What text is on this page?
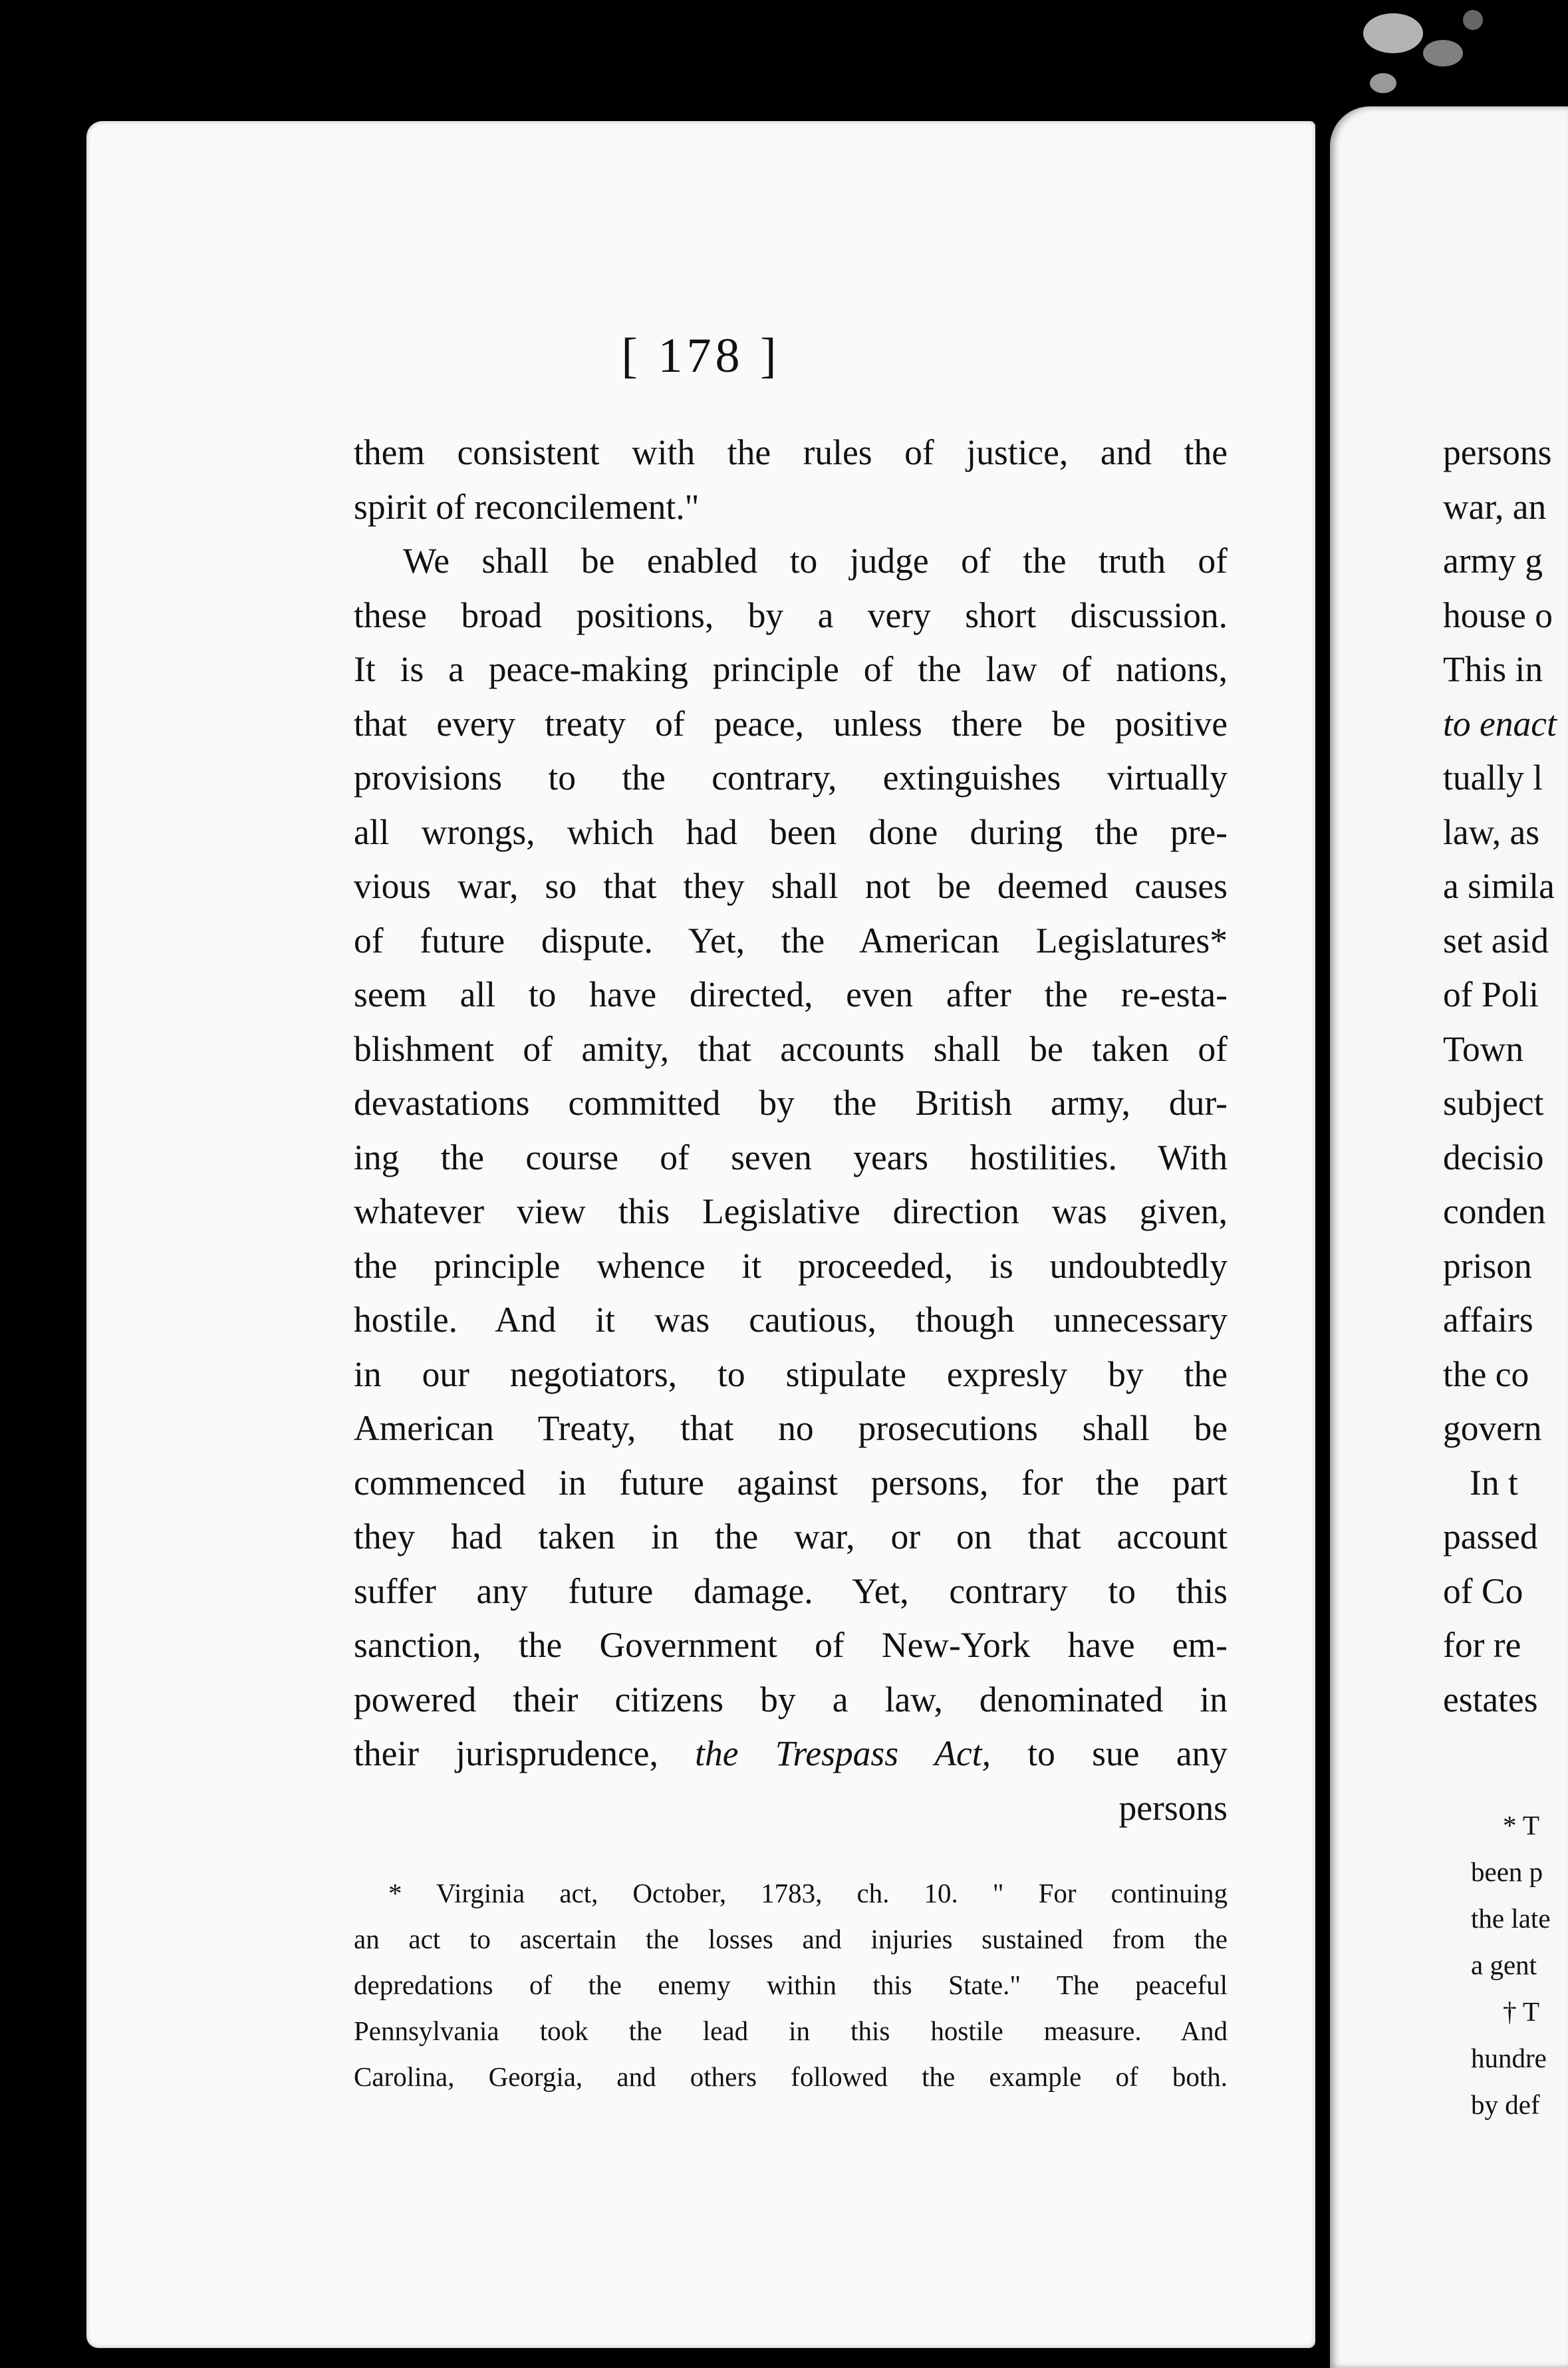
[ 178 ]
them consistent with the rules of justice, and the
spirit of reconcilement."
We shall be enabled to judge of the truth of
these broad positions, by a very short discussion.
It is a peace-making principle of the law of nations,
that every treaty of peace, unless there be positive
provisions to the contrary, extinguishes virtually
all wrongs, which had been done during the pre-
vious war, so that they shall not be deemed causes
of future dispute. Yet, the American Legislatures*
seem all to have directed, even after the re-esta-
blishment of amity, that accounts shall be taken of
devastations committed by the British army, dur-
ing the course of seven years hostilities. With
whatever view this Legislative direction was given,
the principle whence it proceeded, is undoubtedly
hostile. And it was cautious, though unnecessary
in our negotiators, to stipulate expresly by the
American Treaty, that no prosecutions shall be
commenced in future against persons, for the part
they had taken in the war, or on that account
suffer any future damage. Yet, contrary to this
sanction, the Government of New-York have em-
powered their citizens by a law, denominated in
their jurisprudence, the Trespass Act, to sue any
persons
* Virginia act, October, 1783, ch. 10. " For continuing
an act to ascertain the losses and injuries sustained from the
depredations of the enemy within this State." The peaceful
Pennsylvania took the lead in this hostile measure. And
Carolina, Georgia, and others followed the example of both.
persons
war, an
army g
house o
This in
to enact
tually l
law, as
a simila
set asid
of Poli
Town
subject
decisio
conden
prison
affairs
the co
govern
In t
passed
of Co
for re
estates
* T
been p
the late
a gent
† T
hundre
by def
